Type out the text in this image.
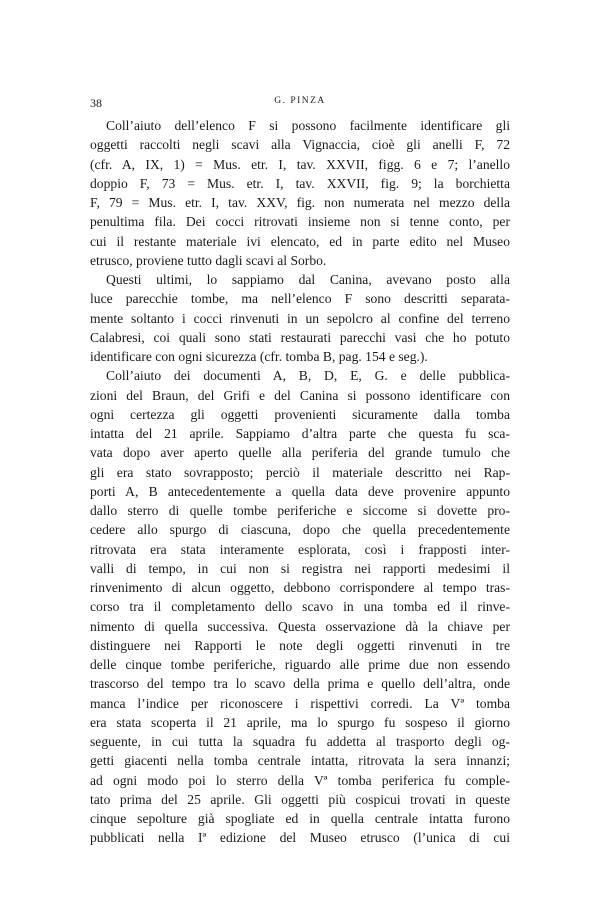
38	G. PINZA
Coll’aiuto dell’elenco F si possono facilmente identificare gli
oggetti raccolti negli scavi alla Vignaccia, cioè gli anelli F, 72
(cfr. A, IX, 1) = Mus. etr. I, tav. XXVII, figg. 6 e 7; l’anello
doppio F, 73 = Mus. etr. I, tav. XXVII, fig. 9; la borchietta
F, 79 = Mus. etr. I, tav. XXV, fig. non numerata nel mezzo della
penultima fila. Dei cocci ritrovati insieme non si tenne conto, per
cui il restante materiale ivi elencato, ed in parte edito nel Museo
etrusco, proviene tutto dagli scavi al Sorbo.
Questi ultimi, lo sappiamo dal Canina, avevano posto alla
luce parecchie tombe, ma nell’elenco F sono descritti separata-
mente soltanto i cocci rinvenuti in un sepolcro al confine del terreno
Calabresi, coi quali sono stati restaurati parecchi vasi che ho potuto
identificare con ogni sicurezza (cfr. tomba B, pag. 154 e seg.).
Coll’aiuto dei documenti A, B, D, E, G. e delle pubblica-
zioni del Braun, del Grifi e del Canina si possono identificare con
ogni certezza gli oggetti provenienti sicuramente dalla tomba
intatta del 21 aprile. Sappiamo d’altra parte che questa fu sca-
vata dopo aver aperto quelle alla periferia del grande tumulo che
gli era stato sovrapposto; perciò il materiale descritto nei Rap-
porti A, B antecedentemente a quella data deve provenire appunto
dallo sterro di quelle tombe periferiche e siccome si dovette pro-
cedere allo spurgo di ciascuna, dopo che quella precedentemente
ritrovata era stata interamente esplorata, così i frapposti inter-
valli di tempo, in cui non si registra nei rapporti medesimi il
rinvenimento di alcun oggetto, debbono corrispondere al tempo tras-
corso tra il completamento dello scavo in una tomba ed il rinve-
nimento di quella successiva. Questa osservazione dà la chiave per
distinguere nei Rapporti le note degli oggetti rinvenuti in tre
delle cinque tombe periferiche, riguardo alle prime due non essendo
trascorso del tempo tra lo scavo della prima e quello dell’altra, onde
manca l’indice per riconoscere i rispettivi corredi. La Vª tomba
era stata scoperta il 21 aprile, ma lo spurgo fu sospeso il giorno
seguente, in cui tutta la squadra fu addetta al trasporto degli og-
getti giacenti nella tomba centrale intatta, ritrovata la sera innanzi;
ad ogni modo poi lo sterro della Vª tomba periferica fu comple-
tato prima del 25 aprile. Gli oggetti più cospicui trovati in queste
cinque sepolture già spogliate ed in quella centrale intatta furono
pubblicati nella Iª edizione del Museo etrusco (l’unica di cui
